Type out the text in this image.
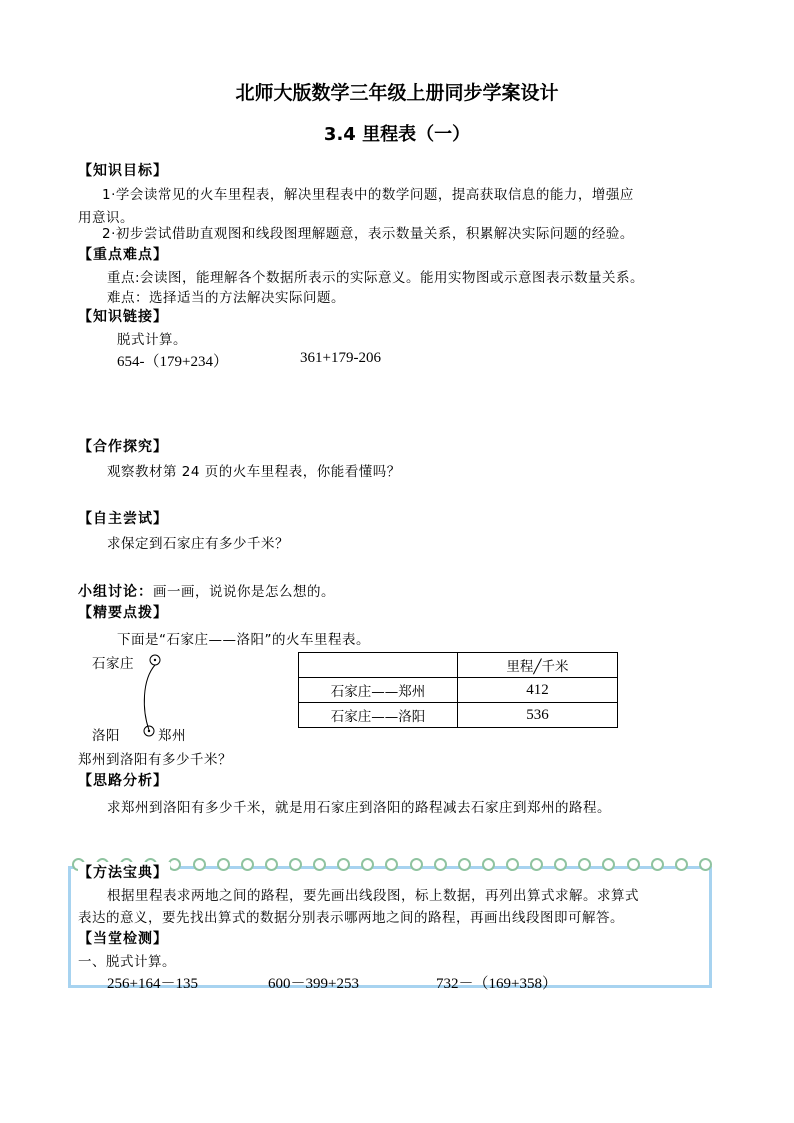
北师大版数学三年级上册同步学案设计
3.4 里程表（一）
【知识目标】
1·学会读常见的火车里程表，解决里程表中的数学问题，提高获取信息的能力，增强应
用意识。
2·初步尝试借助直观图和线段图理解题意，表示数量关系，积累解决实际问题的经验。
【重点难点】
重点:会读图，能理解各个数据所表示的实际意义。能用实物图或示意图表示数量关系。
难点：选择适当的方法解决实际问题。
【知识链接】
脱式计算。
654-（179+234）	361+179-206
【合作探究】
观察教材第 24 页的火车里程表，你能看懂吗？
【自主尝试】
求保定到石家庄有多少千米？
小组讨论：画一画，说说你是怎么想的。
【精要点拨】
下面是“石家庄——洛阳”的火车里程表。
石家庄
洛阳	郑州
	里程╱千米
石家庄——郑州	412
石家庄——洛阳	536
郑州到洛阳有多少千米？
【思路分析】
求郑州到洛阳有多少千米，就是用石家庄到洛阳的路程减去石家庄到郑州的路程。
【方法宝典】
根据里程表求两地之间的路程，要先画出线段图，标上数据，再列出算式求解。求算式
表达的意义，要先找出算式的数据分别表示哪两地之间的路程，再画出线段图即可解答。
【当堂检测】
一、脱式计算。
256+164－135	600－399+253	732－（169+358）
